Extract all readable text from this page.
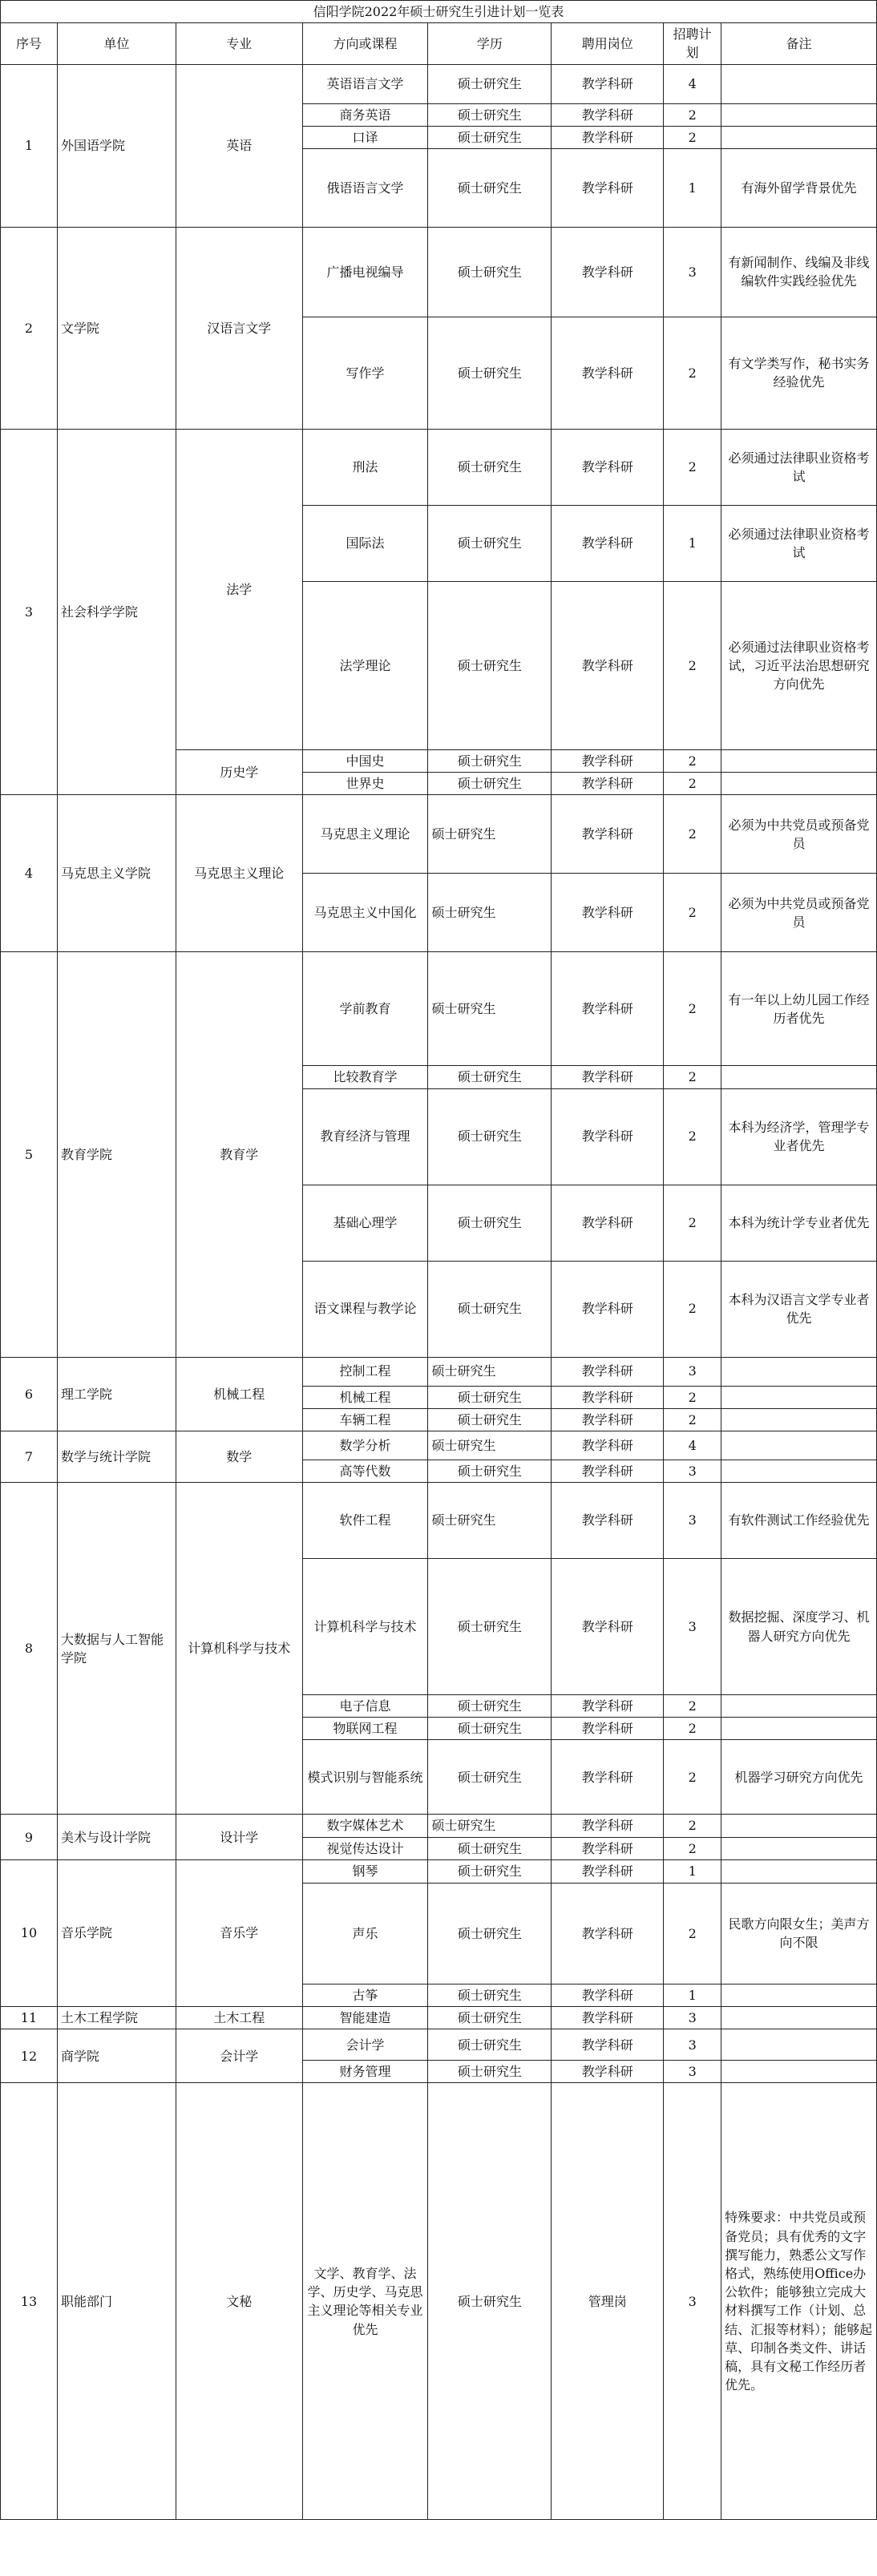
信阳学院2022年硕士研究生引进计划一览表							
序号	单位	专业	方向或课程	学历	聘用岗位	招聘计划	备注
1	外国语学院	英语	英语语言文学	硕士研究生	教学科研	4	
			商务英语	硕士研究生	教学科研	2	
			口译	硕士研究生	教学科研	2	
			俄语语言文学	硕士研究生	教学科研	1	有海外留学背景优先
2	文学院	汉语言文学	广播电视编导	硕士研究生	教学科研	3	有新闻制作、线编及非线编软件实践经验优先
			写作学	硕士研究生	教学科研	2	有文学类写作，秘书实务经验优先
3	社会科学学院	法学	刑法	硕士研究生	教学科研	2	必须通过法律职业资格考试
			国际法	硕士研究生	教学科研	1	必须通过法律职业资格考试
			法学理论	硕士研究生	教学科研	2	必须通过法律职业资格考试，习近平法治思想研究方向优先
		历史学	中国史	硕士研究生	教学科研	2	
			世界史	硕士研究生	教学科研	2	
4	马克思主义学院	马克思主义理论	马克思主义理论	硕士研究生	教学科研	2	必须为中共党员或预备党员
			马克思主义中国化	硕士研究生	教学科研	2	必须为中共党员或预备党员
5	教育学院	教育学	学前教育	硕士研究生	教学科研	2	有一年以上幼儿园工作经历者优先
			比较教育学	硕士研究生	教学科研	2	
			教育经济与管理	硕士研究生	教学科研	2	本科为经济学，管理学专业者优先
			基础心理学	硕士研究生	教学科研	2	本科为统计学专业者优先
			语文课程与教学论	硕士研究生	教学科研	2	本科为汉语言文学专业者优先
6	理工学院	机械工程	控制工程	硕士研究生	教学科研	3	
			机械工程	硕士研究生	教学科研	2	
			车辆工程	硕士研究生	教学科研	2	
7	数学与统计学院	数学	数学分析	硕士研究生	教学科研	4	
			高等代数	硕士研究生	教学科研	3	
8	大数据与人工智能学院	计算机科学与技术	软件工程	硕士研究生	教学科研	3	有软件测试工作经验优先
			计算机科学与技术	硕士研究生	教学科研	3	数据挖掘、深度学习、机器人研究方向优先
			电子信息	硕士研究生	教学科研	2	
			物联网工程	硕士研究生	教学科研	2	
			模式识别与智能系统	硕士研究生	教学科研	2	机器学习研究方向优先
9	美术与设计学院	设计学	数字媒体艺术	硕士研究生	教学科研	2	
			视觉传达设计	硕士研究生	教学科研	2	
10	音乐学院	音乐学	钢琴	硕士研究生	教学科研	1	
			声乐	硕士研究生	教学科研	2	民歌方向限女生；美声方向不限
			古筝	硕士研究生	教学科研	1	
11	土木工程学院	土木工程	智能建造	硕士研究生	教学科研	3	
12	商学院	会计学	会计学	硕士研究生	教学科研	3	
			财务管理	硕士研究生	教学科研	3	
13	职能部门	文秘	文学、教育学、法学、历史学、马克思主义理论等相关专业优先	硕士研究生	管理岗	3	特殊要求：中共党员或预备党员；具有优秀的文字撰写能力，熟悉公文写作格式，熟练使用Office办公软件；能够独立完成大材料撰写工作（计划、总结、汇报等材料）；能够起草、印制各类文件、讲话稿，具有文秘工作经历者优先。
